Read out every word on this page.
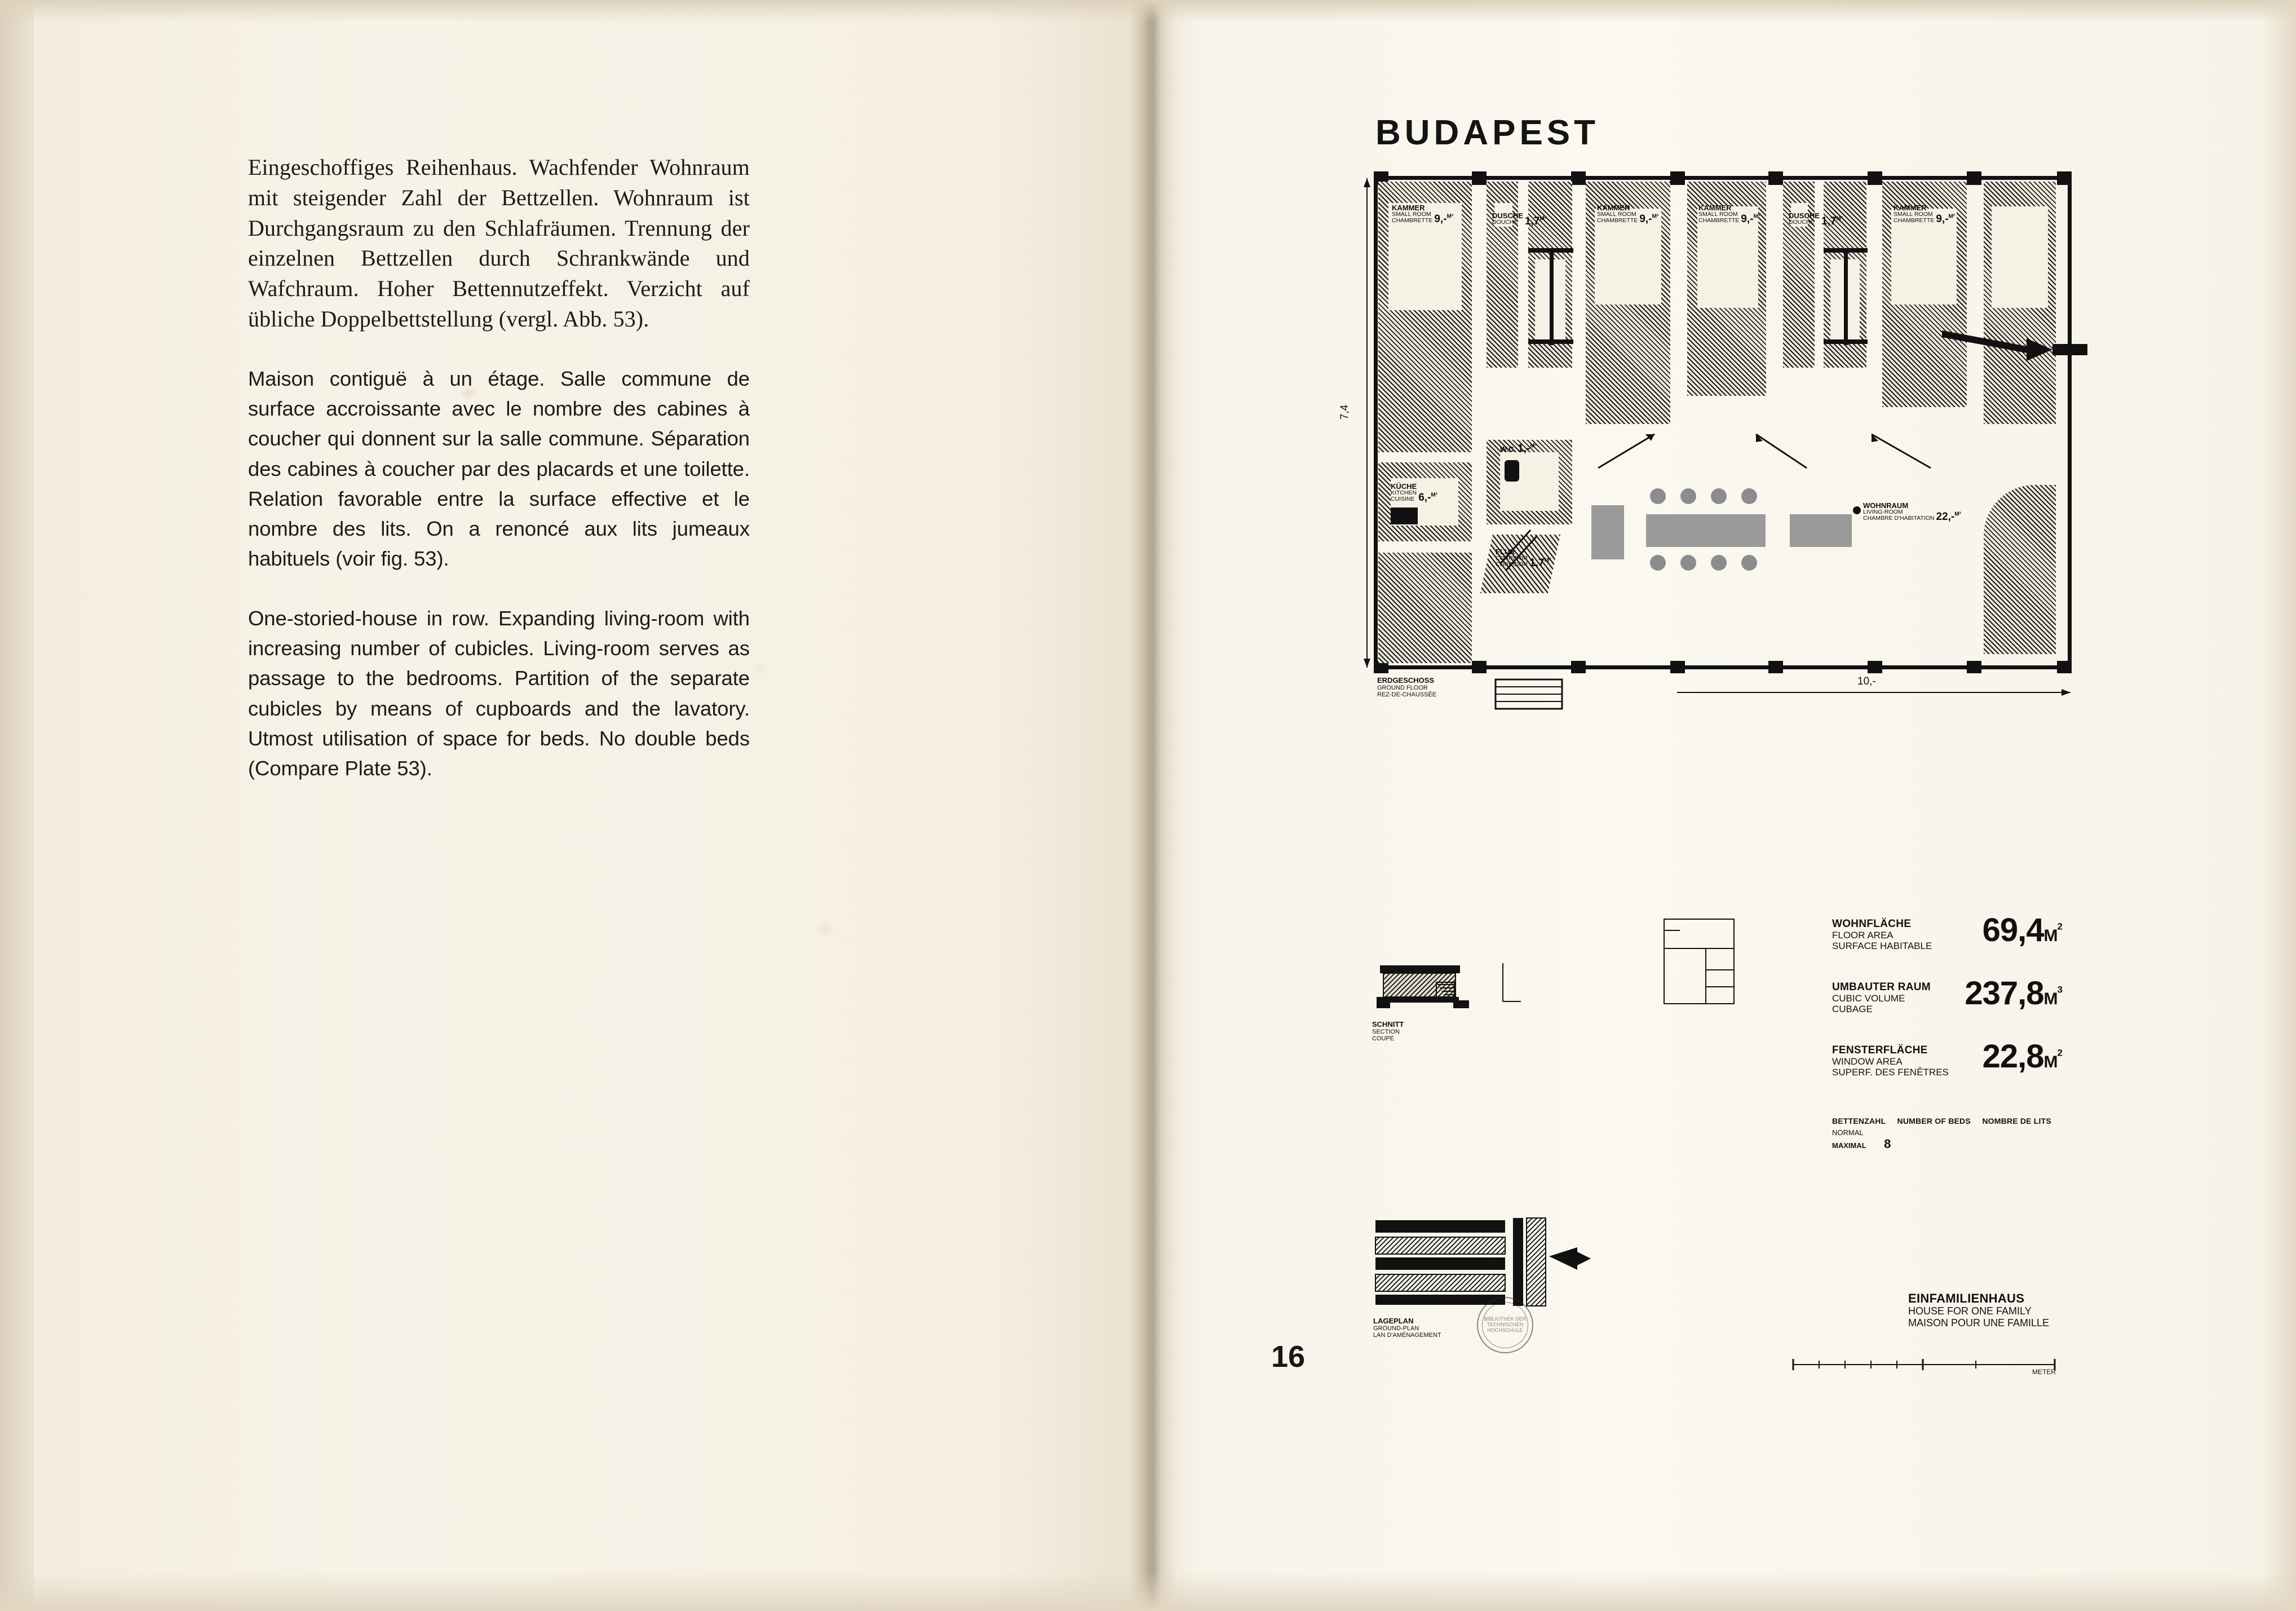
Eingeschoffiges Reihenhaus. Wachfender Wohnraum mit steigender Zahl der Bettzellen. Wohnraum ist Durchgangsraum zu den Schlafräumen. Trennung der einzelnen Bettzellen durch Schrankwände und Wafchraum. Hoher Bettennutzeffekt. Verzicht auf übliche Doppelbettstellung (vergl. Abb. 53).

Maison contiguë à un étage. Salle commune de surface accroissante avec le nombre des cabines à coucher qui donnent sur la salle commune. Séparation des cabines à coucher par des placards et une toilette. Relation favorable entre la surface effective et le nombre des lits. On a renoncé aux lits jumeaux habituels (voir fig. 53).

One-storied-house in row. Expanding living-room with increasing number of cubicles. Living-room serves as passage to the bedrooms. Partition of the separate cubicles by means of cupboards and the lavatory. Utmost utilisation of space for beds. No double beds (Compare Plate 53).

16
BUDAPEST
KAMMER
SMALL ROOM
CHAMBRETTE 9,-$^{M^2}$	DUSCHE
DOUCHE $1,7^{M^2}$
KAMMER
SMALL ROOM
CHAMBRETTE 9,-$^{M^2}$
KAMMER
SMALL ROOM
CHAMBRETTE 9,-$^{M^2}$	DUSCHE
DOUCHE $1,7^{M^2}$
KAMMER
SMALL ROOM
CHAMBRETTE 9,-$^{M^2}$
KÜCHE
KITCHEN
CUISINE 6,-$^{M^2}$
W.C. 1,-$^{M^2}$
FLUR
CORRIDOR
CORRIDOR $1,7^{M^2}$
WOHNRAUM
LIVING-ROOM
CHAMBRE D'HABITATION 22,-$^{M^2}$
7,4
10,-
ERDGESCHOSS
GROUND FLOOR
REZ-DE-CHAUSSÉE
SCHNITT
SECTION
COUPE
WOHNFLÄCHE
FLOOR AREA
SURFACE HABITABLE $69,4M^2$
UMBAUTER RAUM
CUBIC VOLUME
CUBAGE	$237,8M^3$
FENSTERFLÄCHE
WINDOW AREA
SUPERF. DES FENÊTRES $22,8M^2$
BETTENZAHL NUMBER OF BEDS NOMBRE DE LITS
NORMAL
MAXIMAL 8
LAGEPLAN
GROUND-PLAN
LAN D'AMÉNAGEMENT
BIBLIOTHEK DER TECHNISCHEN HOCHSCHULE
EINFAMILIENHAUS
HOUSE FOR ONE FAMILY
MAISON POUR UNE FAMILLE
METER
